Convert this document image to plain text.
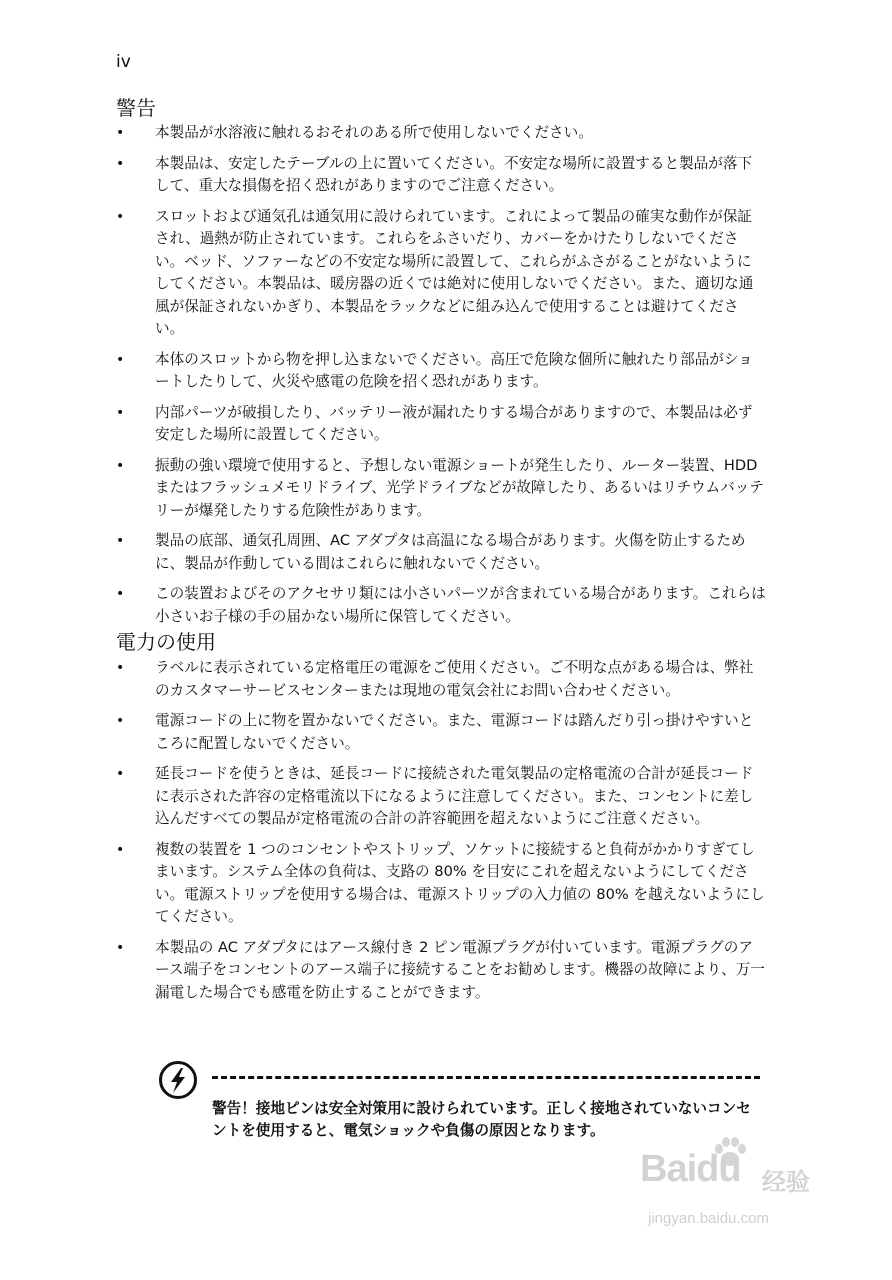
iv
警告
• 本製品が水溶液に触れるおそれのある所で使用しないでください。
• 本製品は、安定したテーブルの上に置いてください。不安定な場所に設置すると製品が落下して、重大な損傷を招く恐れがありますのでご注意ください。
• スロットおよび通気孔は通気用に設けられています。これによって製品の確実な動作が保証され、過熱が防止されています。これらをふさいだり、カバーをかけたりしないでください。ベッド、ソファーなどの不安定な場所に設置して、これらがふさがることがないようにしてください。本製品は、暖房器の近くでは絶対に使用しないでください。また、適切な通風が保証されないかぎり、本製品をラックなどに組み込んで使用することは避けてください。
• 本体のスロットから物を押し込まないでください。高圧で危険な個所に触れたり部品がショートしたりして、火災や感電の危険を招く恐れがあります。
• 内部パーツが破損したり、バッテリー液が漏れたりする場合がありますので、本製品は必ず安定した場所に設置してください。
• 振動の強い環境で使用すると、予想しない電源ショートが発生したり、ルーター装置、HDD またはフラッシュメモリドライブ、光学ドライブなどが故障したり、あるいはリチウムバッテリーが爆発したりする危険性があります。
• 製品の底部、通気孔周囲、AC アダプタは高温になる場合があります。火傷を防止するために、製品が作動している間はこれらに触れないでください。
• この装置およびそのアクセサリ類には小さいパーツが含まれている場合があります。これらは小さいお子様の手の届かない場所に保管してください。
電力の使用
• ラベルに表示されている定格電圧の電源をご使用ください。ご不明な点がある場合は、弊社のカスタマーサービスセンターまたは現地の電気会社にお問い合わせください。
• 電源コードの上に物を置かないでください。また、電源コードは踏んだり引っ掛けやすいところに配置しないでください。
• 延長コードを使うときは、延長コードに接続された電気製品の定格電流の合計が延長コードに表示された許容の定格電流以下になるように注意してください。また、コンセントに差し込んだすべての製品が定格電流の合計の許容範囲を超えないようにご注意ください。
• 複数の装置を 1 つのコンセントやストリップ、ソケットに接続すると負荷がかかりすぎてしまいます。システム全体の負荷は、支路の 80% を目安にこれを超えないようにしてください。電源ストリップを使用する場合は、電源ストリップの入力値の 80% を越えないようにしてください。
• 本製品の AC アダプタにはアース線付き 2 ピン電源プラグが付いています。電源プラグのアース端子をコンセントのアース端子に接続することをお勧めします。機器の故障により、万一漏電した場合でも感電を防止することができます。
警告！接地ピンは安全対策用に設けられています。正しく接地されていないコンセントを使用すると、電気ショックや負傷の原因となります。
Baidu 经验
jingyan.baidu.com
